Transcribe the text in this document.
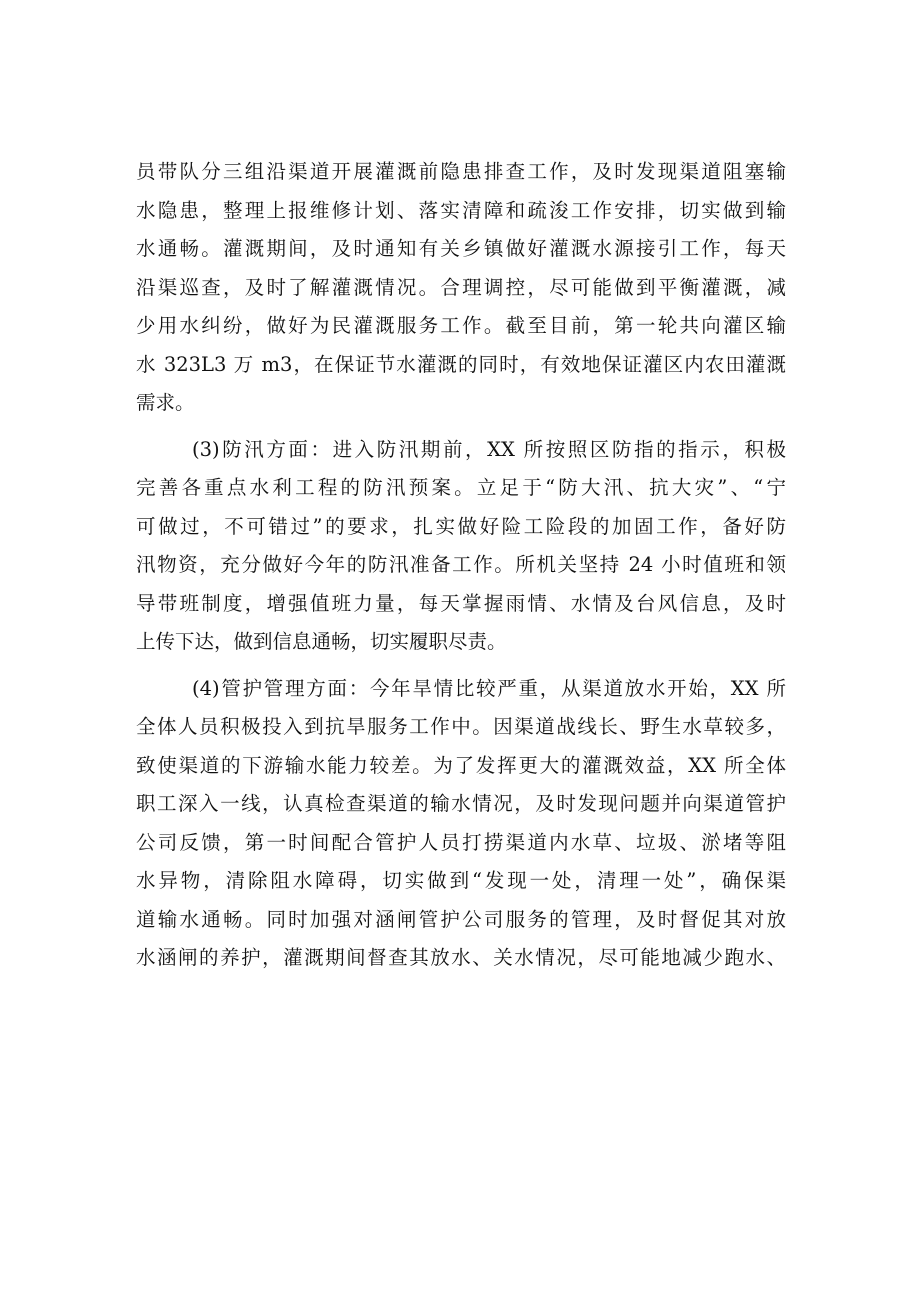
员带队分三组沿渠道开展灌溉前隐患排查工作，及时发现渠道阻塞输
水隐患，整理上报维修计划、落实清障和疏浚工作安排，切实做到输
水通畅。灌溉期间，及时通知有关乡镇做好灌溉水源接引工作，每天
沿渠巡查，及时了解灌溉情况。合理调控，尽可能做到平衡灌溉，减
少用水纠纷，做好为民灌溉服务工作。截至目前，第一轮共向灌区输
水 323L3 万 m3，在保证节水灌溉的同时，有效地保证灌区内农田灌溉
需求。
(3)防汛方面：进入防汛期前，XX 所按照区防指的指示，积极
完善各重点水利工程的防汛预案。立足于“防大汛、抗大灾”、“宁
可做过，不可错过”的要求，扎实做好险工险段的加固工作，备好防
汛物资，充分做好今年的防汛准备工作。所机关坚持 24 小时值班和领
导带班制度，增强值班力量，每天掌握雨情、水情及台风信息，及时
上传下达，做到信息通畅，切实履职尽责。
(4)管护管理方面：今年旱情比较严重，从渠道放水开始，XX 所
全体人员积极投入到抗旱服务工作中。因渠道战线长、野生水草较多，
致使渠道的下游输水能力较差。为了发挥更大的灌溉效益，XX 所全体
职工深入一线，认真检查渠道的输水情况，及时发现问题并向渠道管护
公司反馈，第一时间配合管护人员打捞渠道内水草、垃圾、淤堵等阻
水异物，清除阻水障碍，切实做到“发现一处，清理一处”，确保渠
道输水通畅。同时加强对涵闸管护公司服务的管理，及时督促其对放
水涵闸的养护，灌溉期间督查其放水、关水情况，尽可能地减少跑水、
